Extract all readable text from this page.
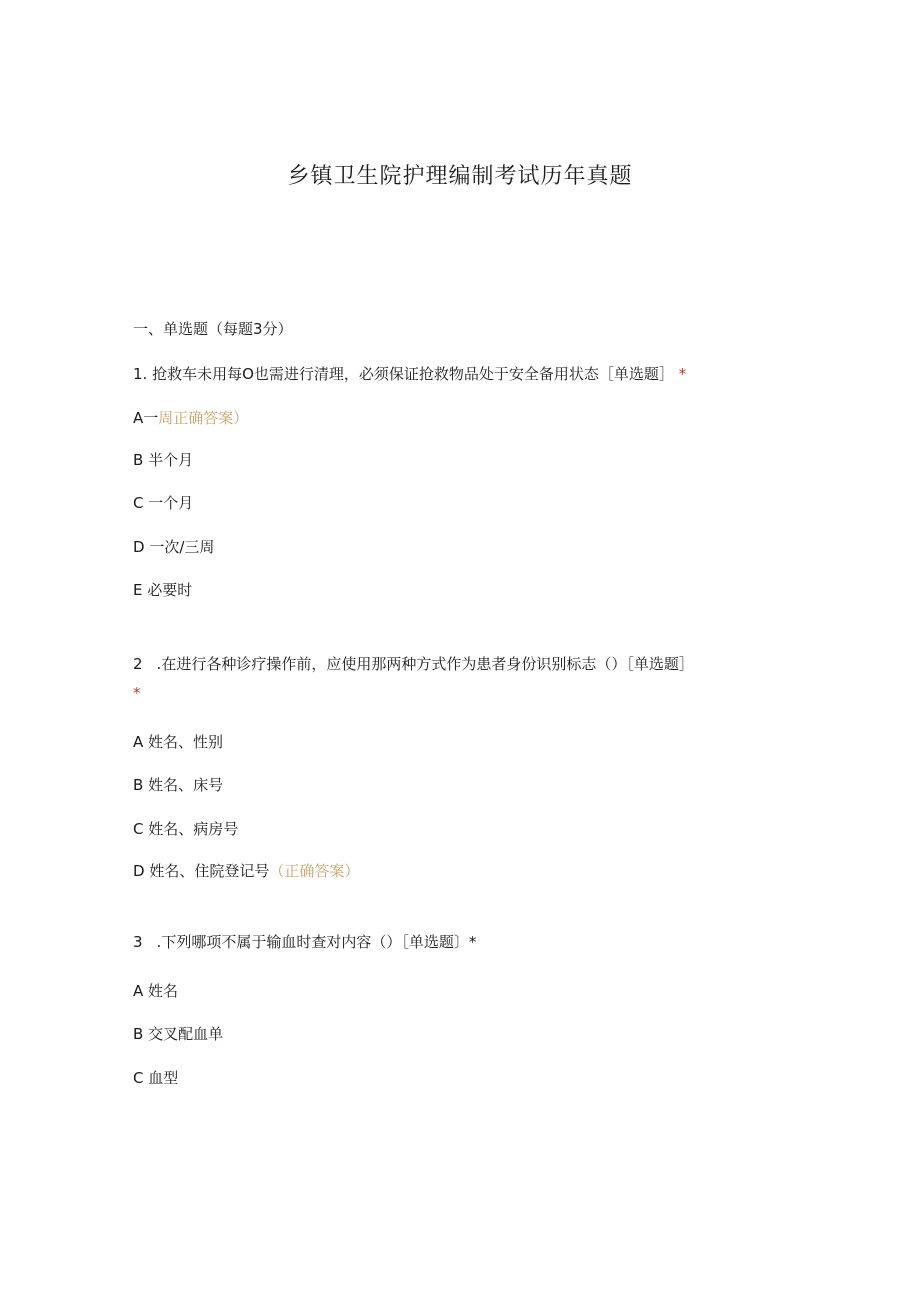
乡镇卫生院护理编制考试历年真题
一、单选题（每题3分）
1. 抢救车未用每O也需进行清理，必须保证抢救物品处于安全备用状态［单选题］ *
A一周正确答案）
B 半个月
C 一个月
D 一次/三周
E 必要时
2 .在进行各种诊疗操作前，应使用那两种方式作为患者身份识别标志（）［单选题］
*
A 姓名、性别
B 姓名、床号
C 姓名、病房号
D 姓名、住院登记号（正确答案）
3 .下列哪项不属于输血时查对内容（）［单选题〕*
A 姓名
B 交叉配血单
C 血型
